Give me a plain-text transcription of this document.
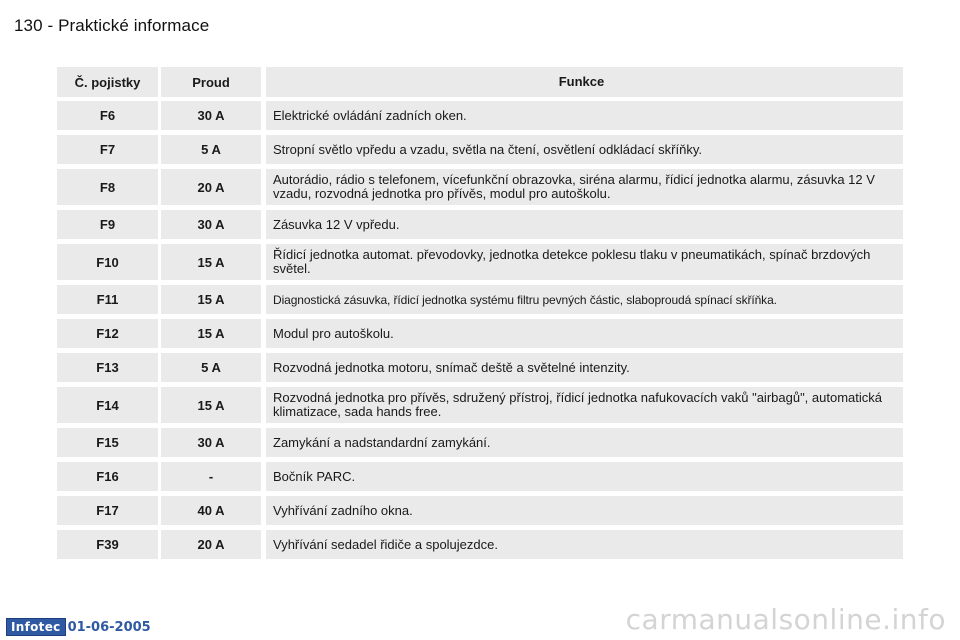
130 - Praktické informace
Č. pojistky	Proud	Funkce
F6	30 A	Elektrické ovládání zadních oken.
F7	5 A	Stropní světlo vpředu a vzadu, světla na čtení, osvětlení odkládací skříňky.
F8	20 A	Autorádio, rádio s telefonem, vícefunkční obrazovka, siréna alarmu, řídicí jednotka alarmu, zásuvka 12 V vzadu, rozvodná jednotka pro přívěs, modul pro autoškolu.
F9	30 A	Zásuvka 12 V vpředu.
F10	15 A	Řídicí jednotka automat. převodovky, jednotka detekce poklesu tlaku v pneumatikách, spínač brzdových světel.
F11	15 A	Diagnostická zásuvka, řídicí jednotka systému filtru pevných částic, slaboproudá spínací skříňka.
F12	15 A	Modul pro autoškolu.
F13	5 A	Rozvodná jednotka motoru, snímač deště a světelné intenzity.
F14	15 A	Rozvodná jednotka pro přívěs, sdružený přístroj, řídicí jednotka nafukovacích vaků "airbagů", automatická klimatizace, sada hands free.
F15	30 A	Zamykání a nadstandardní zamykání.
F16	-	Bočník PARC.
F17	40 A	Vyhřívání zadního okna.
F39	20 A	Vyhřívání sedadel řidiče a spolujezdce.
Infotec 01-06-2005	carmanualsonline.info
